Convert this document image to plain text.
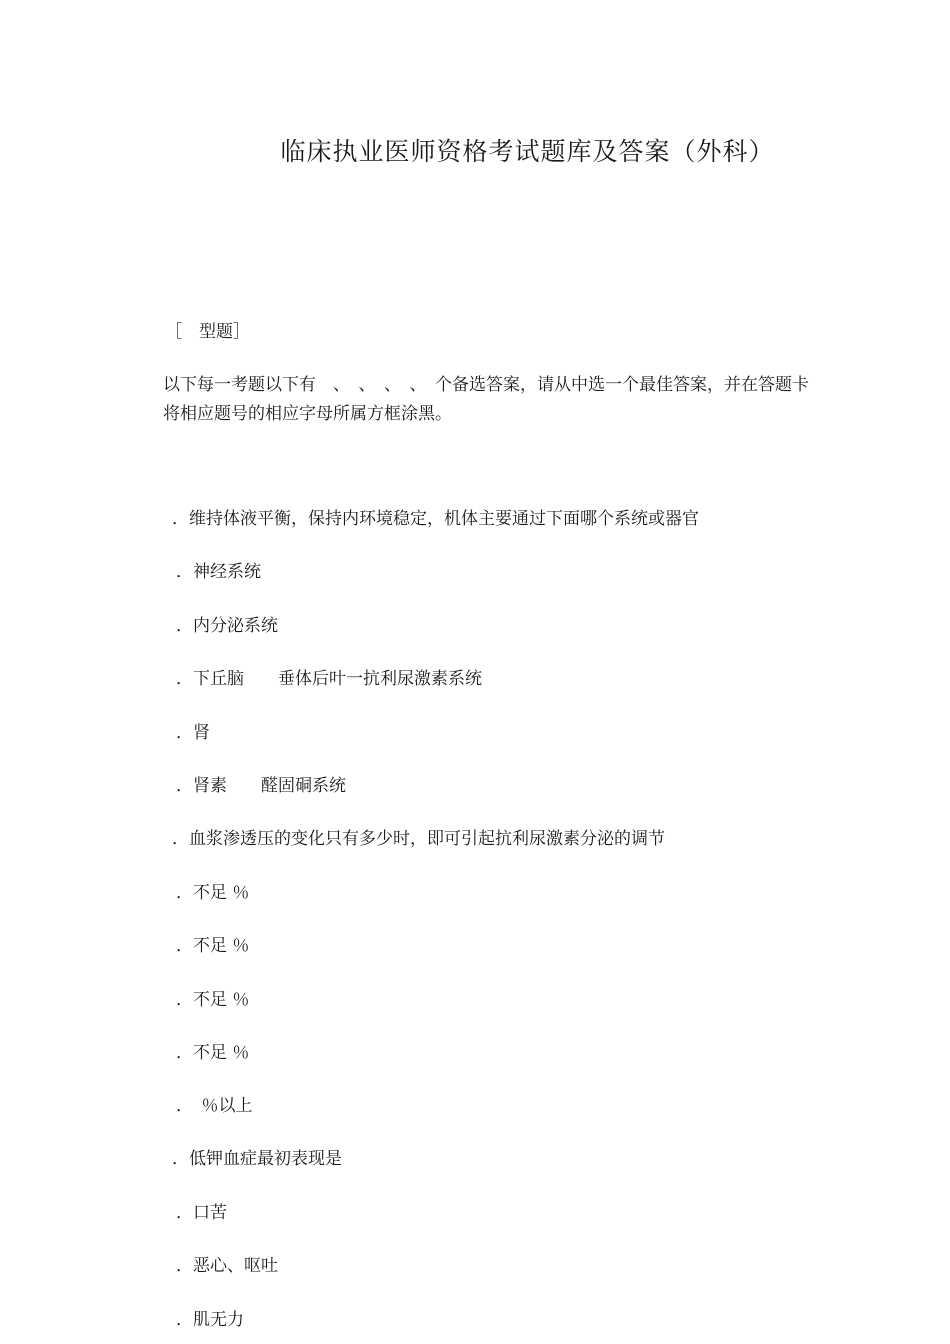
临床执业医师资格考试题库及答案（外科）
［　型题］
以下每一考题以下有　、　、　、　、　个备选答案，请从中选一个最佳答案，并在答题卡
将相应题号的相应字母所属方框涂黑。
．维持体液平衡，保持内环境稳定，机体主要通过下面哪个系统或器官
．神经系统
．内分泌系统
．下丘脑　　垂体后叶一抗利尿激素系统
．肾
．肾素　　醛固硐系统
．血浆渗透压的变化只有多少时，即可引起抗利尿激素分泌的调节
．不足 ％
．不足 ％
．不足 ％
．不足 ％
．　％以上
．低钾血症最初表现是
．口苦
．恶心、呕吐
．肌无力
